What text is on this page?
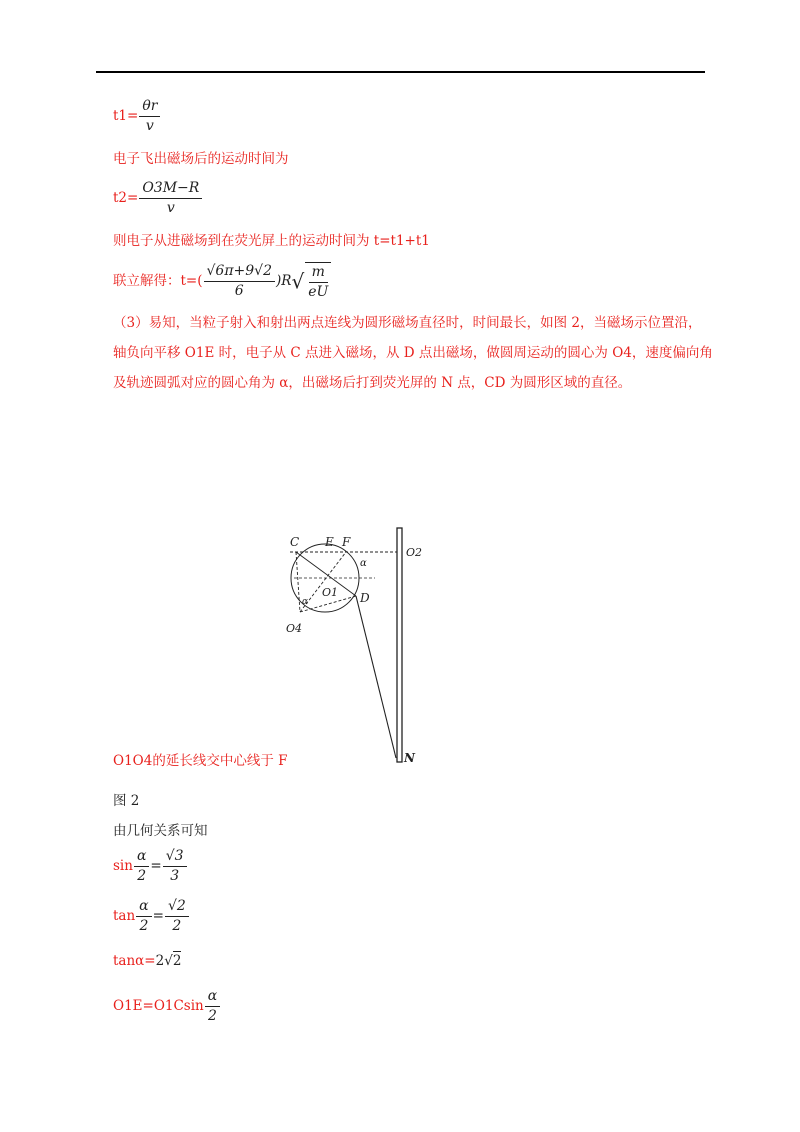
$t1= \frac{\theta r}{v}$
电子飞出磁场后的运动时间为
$t2= \frac{O3M-R}{v}$
则电子从进磁场到在荧光屏上的运动时间为 t=t1+t1
联立解得：$t=( \frac{√6\pi+9√2}{6} )R√ \frac{m}{eU}$
（3）易知，当粒子射入和射出两点连线为圆形磁场直径时，时间最长，如图 2，当磁场示位置沿，轴负向平移 O1E 时，电子从 C 点进入磁场，从 D 点出磁场，做圆周运动的圆心为 O4，速度偏向角及轨迹圆弧对应的圆心角为 α，出磁场后打到荧光屏的 N 点，CD 为圆形区域的直径。
C E F
O2
α
O1 D
α
O4
N
O1O4的延长线交中心线于 F
图 2
由几何关系可知
$\sin \frac{\alpha}{2} = \frac{√3}{3}$
$\tan \frac{\alpha}{2} = \frac{√2}{2}$
tanα=2√2
$O1E=O1Csin \frac{\alpha}{2}$
